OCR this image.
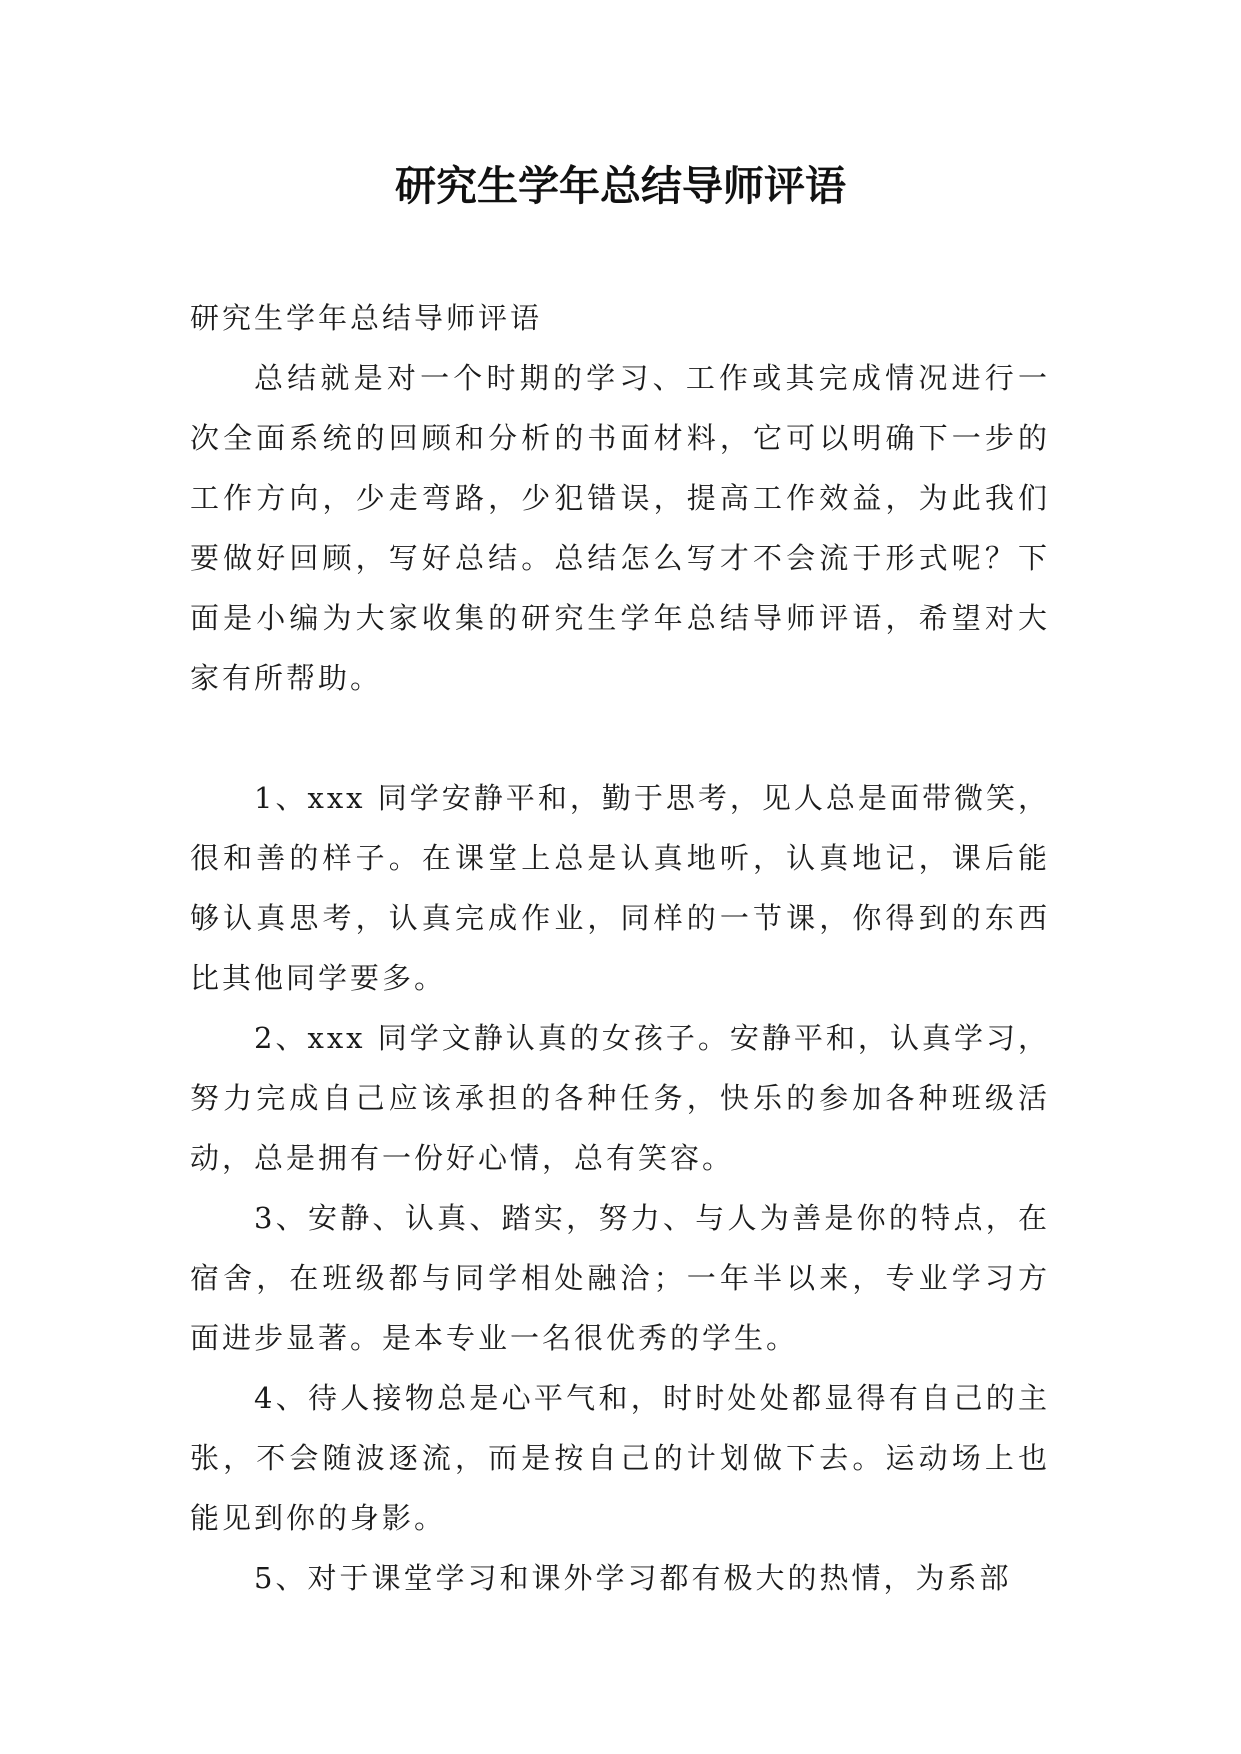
研究生学年总结导师评语

研究生学年总结导师评语

总结就是对一个时期的学习、工作或其完成情况进行一次全面系统的回顾和分析的书面材料，它可以明确下一步的工作方向，少走弯路，少犯错误，提高工作效益，为此我们要做好回顾，写好总结。总结怎么写才不会流于形式呢？下面是小编为大家收集的研究生学年总结导师评语，希望对大家有所帮助。

1、xxx 同学安静平和，勤于思考，见人总是面带微笑，很和善的样子。在课堂上总是认真地听，认真地记，课后能够认真思考，认真完成作业，同样的一节课，你得到的东西比其他同学要多。

2、xxx 同学文静认真的女孩子。安静平和，认真学习，努力完成自己应该承担的各种任务，快乐的参加各种班级活动，总是拥有一份好心情，总有笑容。

3、安静、认真、踏实，努力、与人为善是你的特点，在宿舍，在班级都与同学相处融洽；一年半以来，专业学习方面进步显著。是本专业一名很优秀的学生。

4、待人接物总是心平气和，时时处处都显得有自己的主张，不会随波逐流，而是按自己的计划做下去。运动场上也能见到你的身影。

5、对于课堂学习和课外学习都有极大的热情，为系部
